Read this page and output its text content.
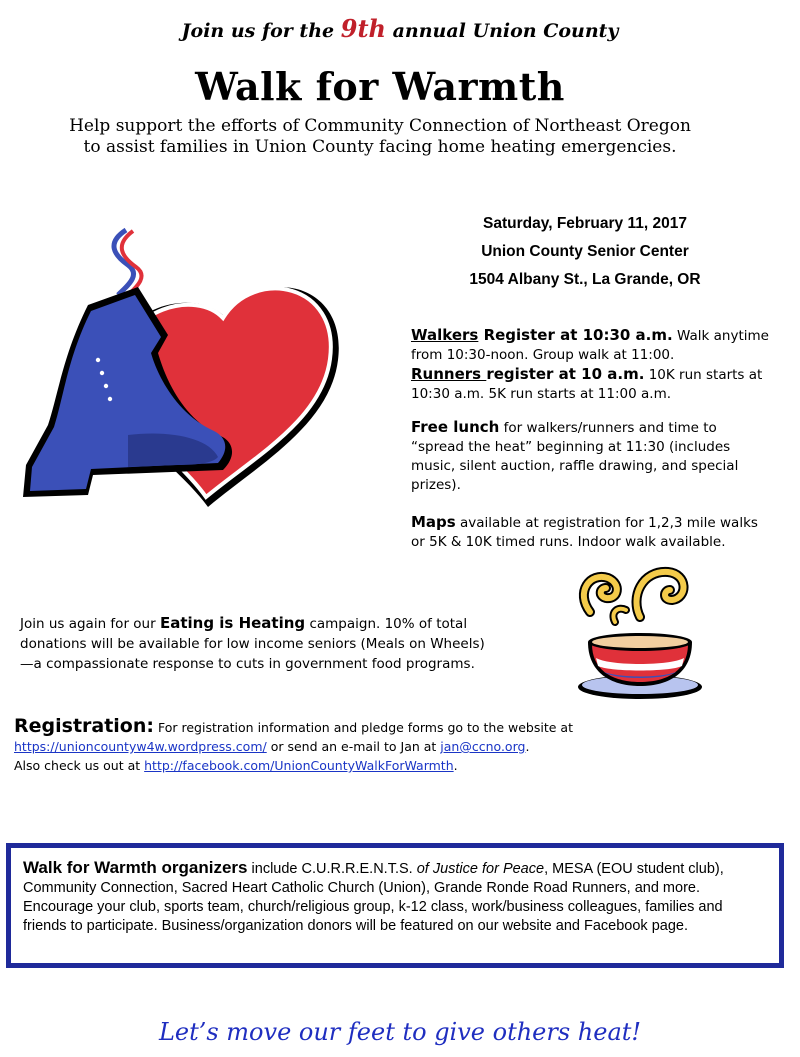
Join us for the 9th annual Union County
Walk for Warmth
Help support the efforts of Community Connection of Northeast Oregon
to assist families in Union County facing home heating emergencies.
Saturday, February 11, 2017
Union County Senior Center
1504 Albany St., La Grande, OR
Walkers Register at 10:30 a.m. Walk anytime from 10:30-noon. Group walk at 11:00.
Runners register at 10 a.m. 10K run starts at 10:30 a.m. 5K run starts at 11:00 a.m.
Free lunch for walkers/runners and time to “spread the heat” beginning at 11:30 (includes music, silent auction, raffle drawing, and special prizes).
Maps available at registration for 1,2,3 mile walks or 5K & 10K timed runs. Indoor walk available.
Join us again for our Eating is Heating campaign. 10% of total donations will be available for low income seniors (Meals on Wheels) —a compassionate response to cuts in government food programs.
Registration: For registration information and pledge forms go to the website at
https://unioncountyw4w.wordpress.com/ or send an e-mail to Jan at jan@ccno.org.
Also check us out at http://facebook.com/UnionCountyWalkForWarmth.
Walk for Warmth organizers include C.U.R.R.E.N.T.S. of Justice for Peace, MESA (EOU student club), Community Connection, Sacred Heart Catholic Church (Union), Grande Ronde Road Runners, and more. Encourage your club, sports team, church/religious group, k-12 class, work/business colleagues, families and friends to participate. Business/organization donors will be featured on our website and Facebook page.
Let’s move our feet to give others heat!
